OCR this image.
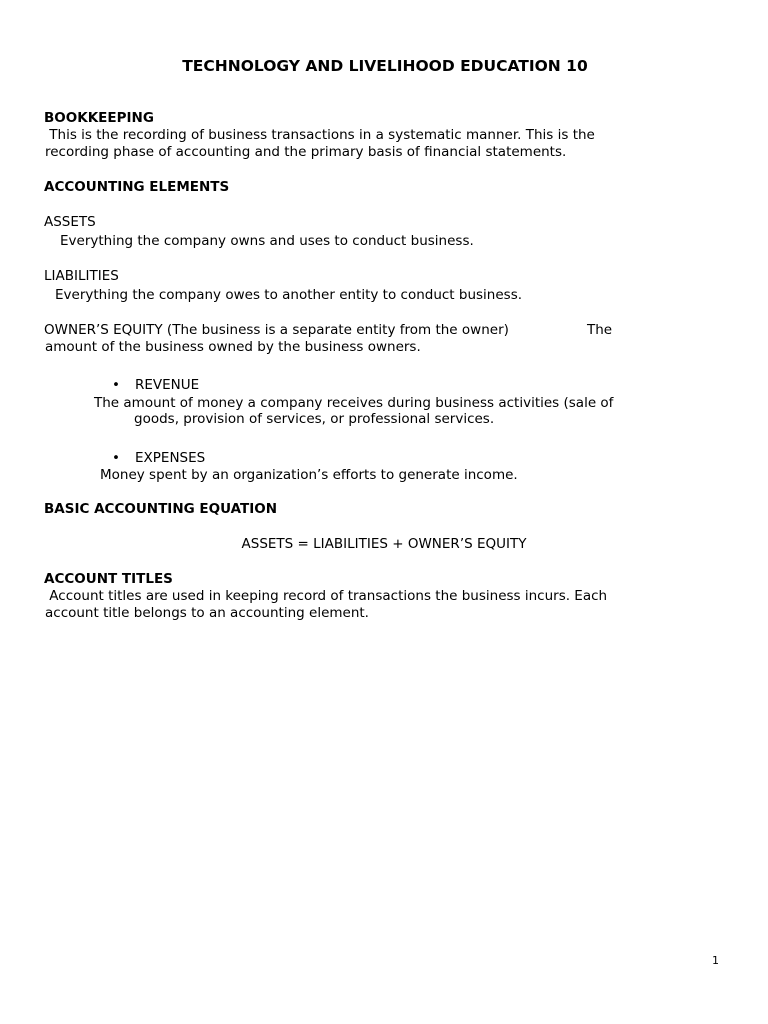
TECHNOLOGY AND LIVELIHOOD EDUCATION 10
BOOKKEEPING
This is the recording of business transactions in a systematic manner. This is the
recording phase of accounting and the primary basis of financial statements.
ACCOUNTING ELEMENTS
ASSETS
Everything the company owns and uses to conduct business.
LIABILITIES
Everything the company owes to another entity to conduct business.
OWNER’S EQUITY (The business is a separate entity from the owner)	The
amount of the business owned by the business owners.
• REVENUE
The amount of money a company receives during business activities (sale of
goods, provision of services, or professional services.
• EXPENSES
Money spent by an organization’s efforts to generate income.
BASIC ACCOUNTING EQUATION
ASSETS = LIABILITIES + OWNER’S EQUITY
ACCOUNT TITLES
Account titles are used in keeping record of transactions the business incurs. Each
account title belongs to an accounting element.
1
